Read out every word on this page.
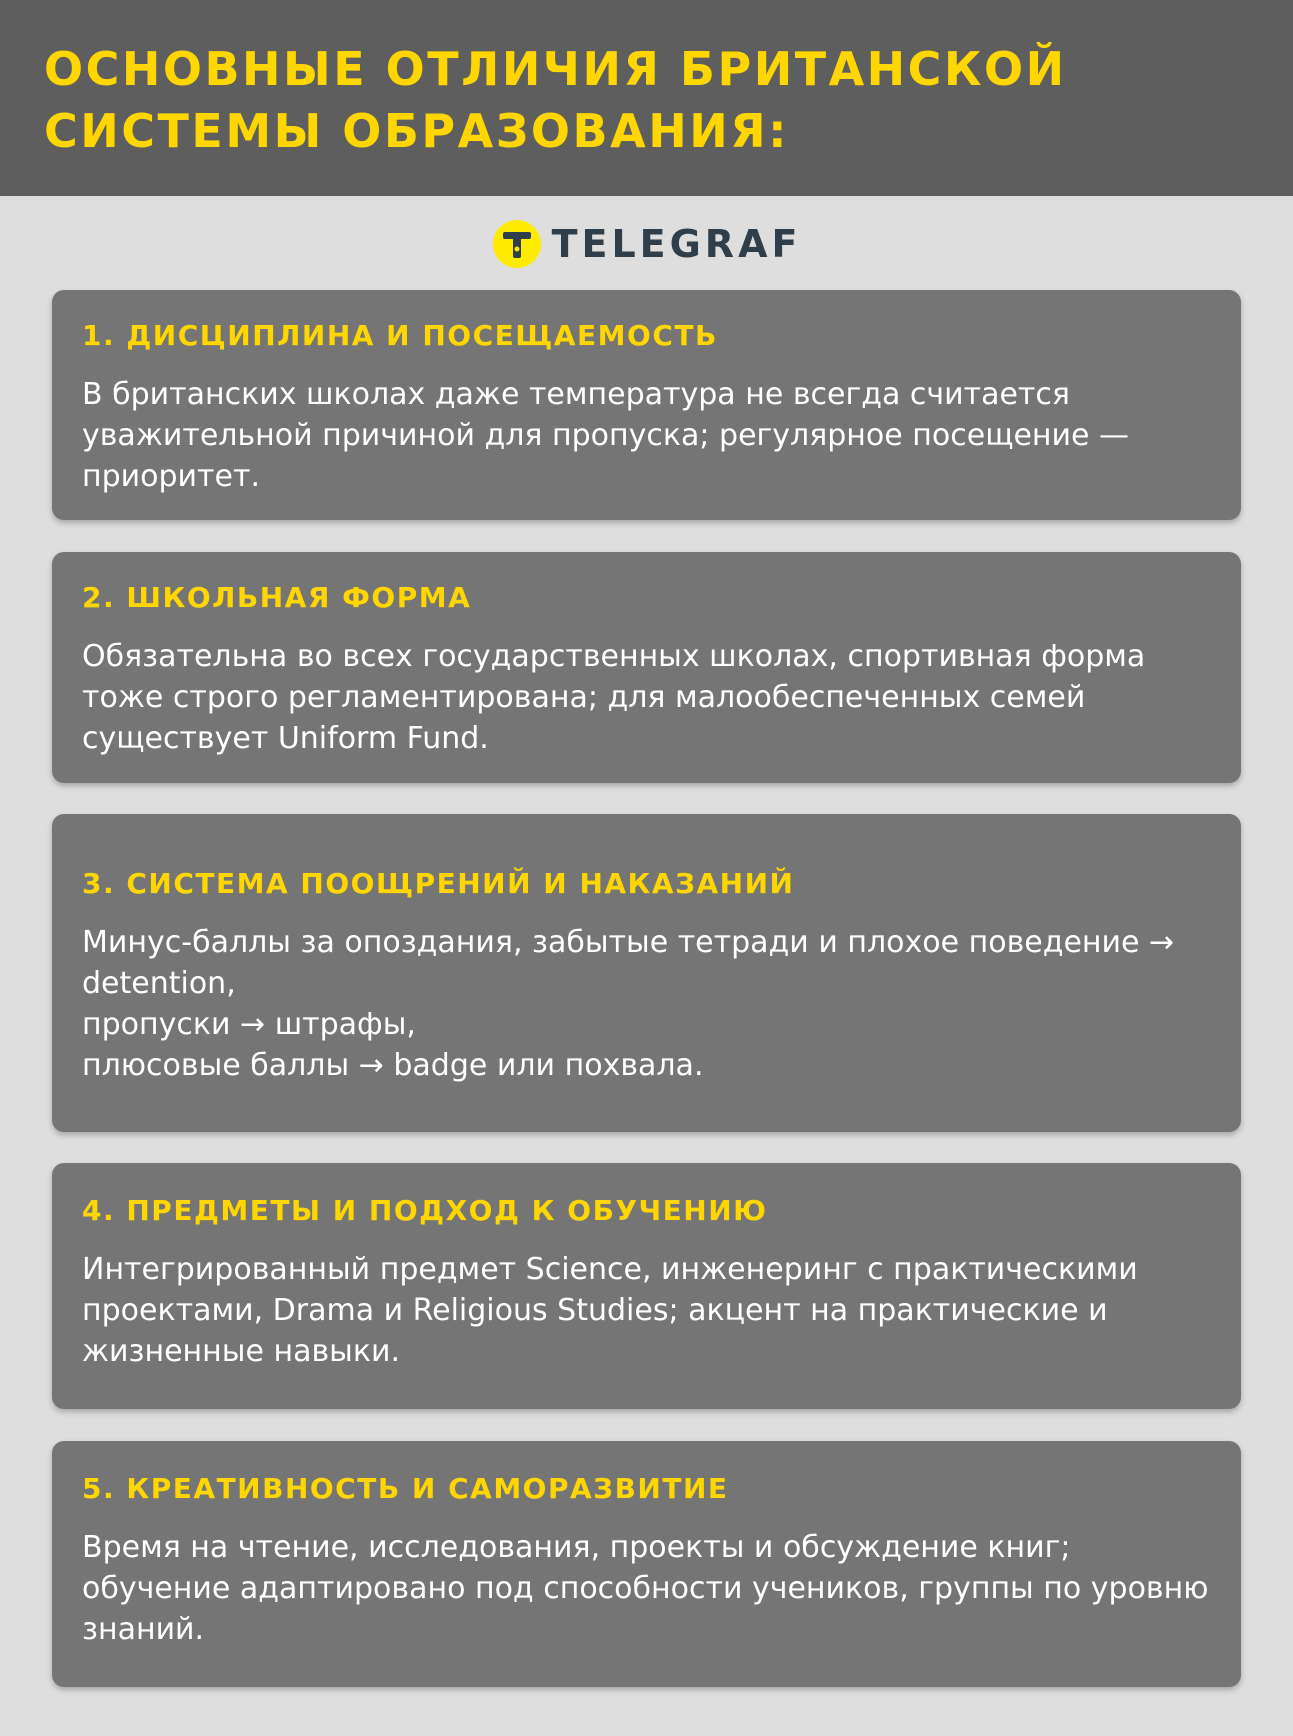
ОСНОВНЫЕ ОТЛИЧИЯ БРИТАНСКОЙ СИСТЕМЫ ОБРАЗОВАНИЯ:
TELEGRAF
1. ДИСЦИПЛИНА И ПОСЕЩАЕМОСТЬ

В британских школах даже температура не всегда считается уважительной причиной для пропуска; регулярное посещение — приоритет.

2. ШКОЛЬНАЯ ФОРМА

Обязательна во всех государственных школах, спортивная форма тоже строго регламентирована; для малообеспеченных семей существует Uniform Fund.

3. СИСТЕМА ПООЩРЕНИЙ И НАКАЗАНИЙ

Минус-баллы за опоздания, забытые тетради и плохое поведение → detention,
пропуски → штрафы,
плюсовые баллы → badge или похвала.

4. ПРЕДМЕТЫ И ПОДХОД К ОБУЧЕНИЮ

Интегрированный предмет Science, инженеринг с практическими проектами, Drama и Religious Studies; акцент на практические и жизненные навыки.

5. КРЕАТИВНОСТЬ И САМОРАЗВИТИЕ

Время на чтение, исследования, проекты и обсуждение книг; обучение адаптировано под способности учеников, группы по уровню знаний.
